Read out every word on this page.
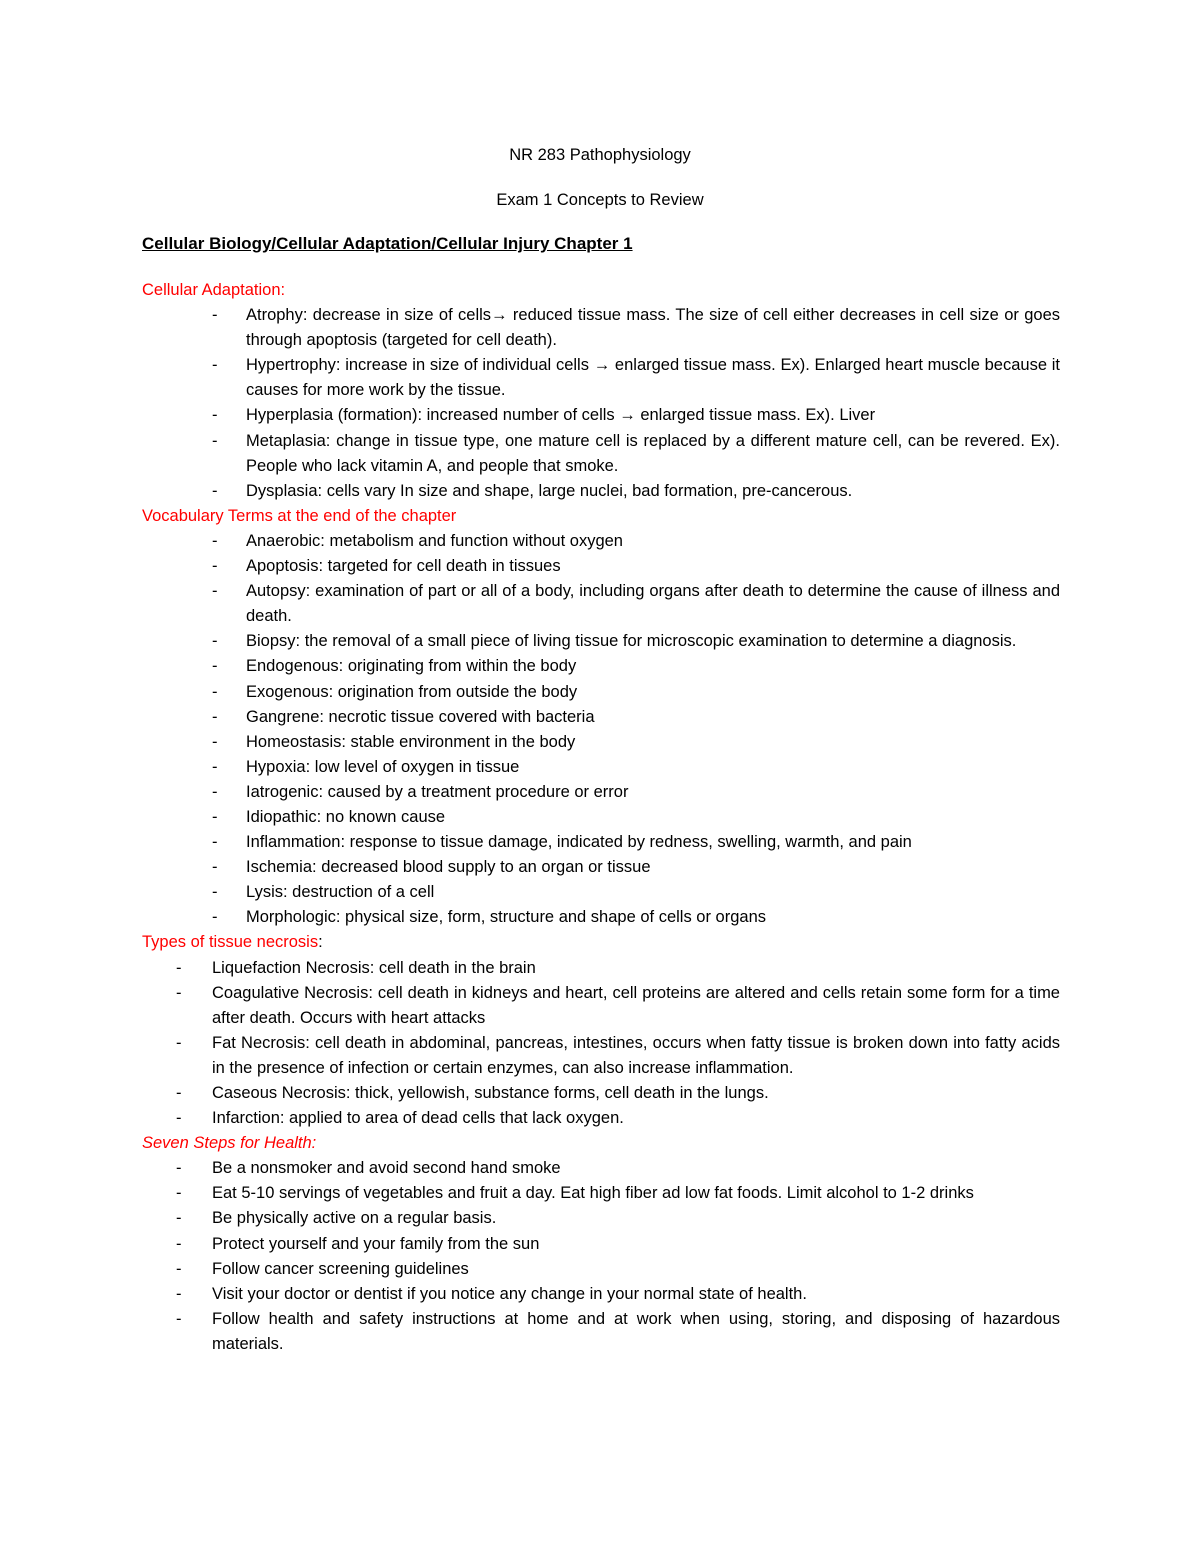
NR 283 Pathophysiology
Exam 1 Concepts to Review
Cellular Biology/Cellular Adaptation/Cellular Injury Chapter 1
Cellular Adaptation:
- Atrophy: decrease in size of cells→ reduced tissue mass. The size of cell either decreases in cell size or goes through apoptosis (targeted for cell death).
- Hypertrophy: increase in size of individual cells → enlarged tissue mass. Ex). Enlarged heart muscle because it causes for more work by the tissue.
- Hyperplasia (formation): increased number of cells → enlarged tissue mass. Ex). Liver
- Metaplasia: change in tissue type, one mature cell is replaced by a different mature cell, can be revered. Ex). People who lack vitamin A, and people that smoke.
- Dysplasia: cells vary In size and shape, large nuclei, bad formation, pre-cancerous.
Vocabulary Terms at the end of the chapter
- Anaerobic: metabolism and function without oxygen
- Apoptosis: targeted for cell death in tissues
- Autopsy: examination of part or all of a body, including organs after death to determine the cause of illness and death.
- Biopsy: the removal of a small piece of living tissue for microscopic examination to determine a diagnosis.
- Endogenous: originating from within the body
- Exogenous: origination from outside the body
- Gangrene: necrotic tissue covered with bacteria
- Homeostasis: stable environment in the body
- Hypoxia: low level of oxygen in tissue
- Iatrogenic: caused by a treatment procedure or error
- Idiopathic: no known cause
- Inflammation: response to tissue damage, indicated by redness, swelling, warmth, and pain
- Ischemia: decreased blood supply to an organ or tissue
- Lysis: destruction of a cell
- Morphologic: physical size, form, structure and shape of cells or organs
Types of tissue necrosis:
- Liquefaction Necrosis: cell death in the brain
- Coagulative Necrosis: cell death in kidneys and heart, cell proteins are altered and cells retain some form for a time after death. Occurs with heart attacks
- Fat Necrosis: cell death in abdominal, pancreas, intestines, occurs when fatty tissue is broken down into fatty acids in the presence of infection or certain enzymes, can also increase inflammation.
- Caseous Necrosis: thick, yellowish, substance forms, cell death in the lungs.
- Infarction: applied to area of dead cells that lack oxygen.
Seven Steps for Health:
- Be a nonsmoker and avoid second hand smoke
- Eat 5-10 servings of vegetables and fruit a day. Eat high fiber ad low fat foods. Limit alcohol to 1-2 drinks
- Be physically active on a regular basis.
- Protect yourself and your family from the sun
- Follow cancer screening guidelines
- Visit your doctor or dentist if you notice any change in your normal state of health.
- Follow health and safety instructions at home and at work when using, storing, and disposing of hazardous materials.
